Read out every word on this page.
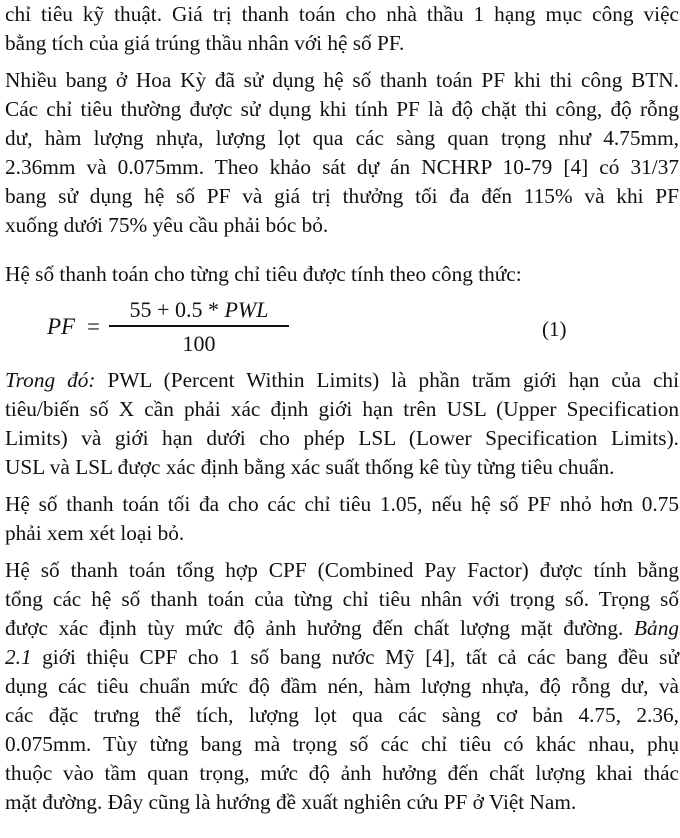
chỉ tiêu kỹ thuật. Giá trị thanh toán cho nhà thầu 1 hạng mục công việc
bằng tích của giá trúng thầu nhân với hệ số PF.

Nhiều bang ở Hoa Kỳ đã sử dụng hệ số thanh toán PF khi thi công BTN.
Các chỉ tiêu thường được sử dụng khi tính PF là độ chặt thi công, độ rỗng
dư, hàm lượng nhựa, lượng lọt qua các sàng quan trọng như 4.75mm,
2.36mm và 0.075mm. Theo khảo sát dự án NCHRP 10-79 [4] có 31/37
bang sử dụng hệ số PF và giá trị thưởng tối đa đến 115% và khi PF
xuống dưới 75% yêu cầu phải bóc bỏ.

Hệ số thanh toán cho từng chỉ tiêu được tính theo công thức:

PF =
55 + 0.5 * PWL
100
(1)

Trong đó: PWL (Percent Within Limits) là phần trăm giới hạn của chỉ
tiêu/biến số X cần phải xác định giới hạn trên USL (Upper Specification
Limits) và giới hạn dưới cho phép LSL (Lower Specification Limits).
USL và LSL được xác định bằng xác suất thống kê tùy từng tiêu chuẩn.

Hệ số thanh toán tối đa cho các chỉ tiêu 1.05, nếu hệ số PF nhỏ hơn 0.75
phải xem xét loại bỏ.

Hệ số thanh toán tổng hợp CPF (Combined Pay Factor) được tính bằng
tổng các hệ số thanh toán của từng chỉ tiêu nhân với trọng số. Trọng số
được xác định tùy mức độ ảnh hưởng đến chất lượng mặt đường. Bảng
2.1 giới thiệu CPF cho 1 số bang nước Mỹ [4], tất cả các bang đều sử
dụng các tiêu chuẩn mức độ đầm nén, hàm lượng nhựa, độ rỗng dư, và
các đặc trưng thể tích, lượng lọt qua các sàng cơ bản 4.75, 2.36,
0.075mm. Tùy từng bang mà trọng số các chỉ tiêu có khác nhau, phụ
thuộc vào tầm quan trọng, mức độ ảnh hưởng đến chất lượng khai thác
mặt đường. Đây cũng là hướng đề xuất nghiên cứu PF ở Việt Nam.
